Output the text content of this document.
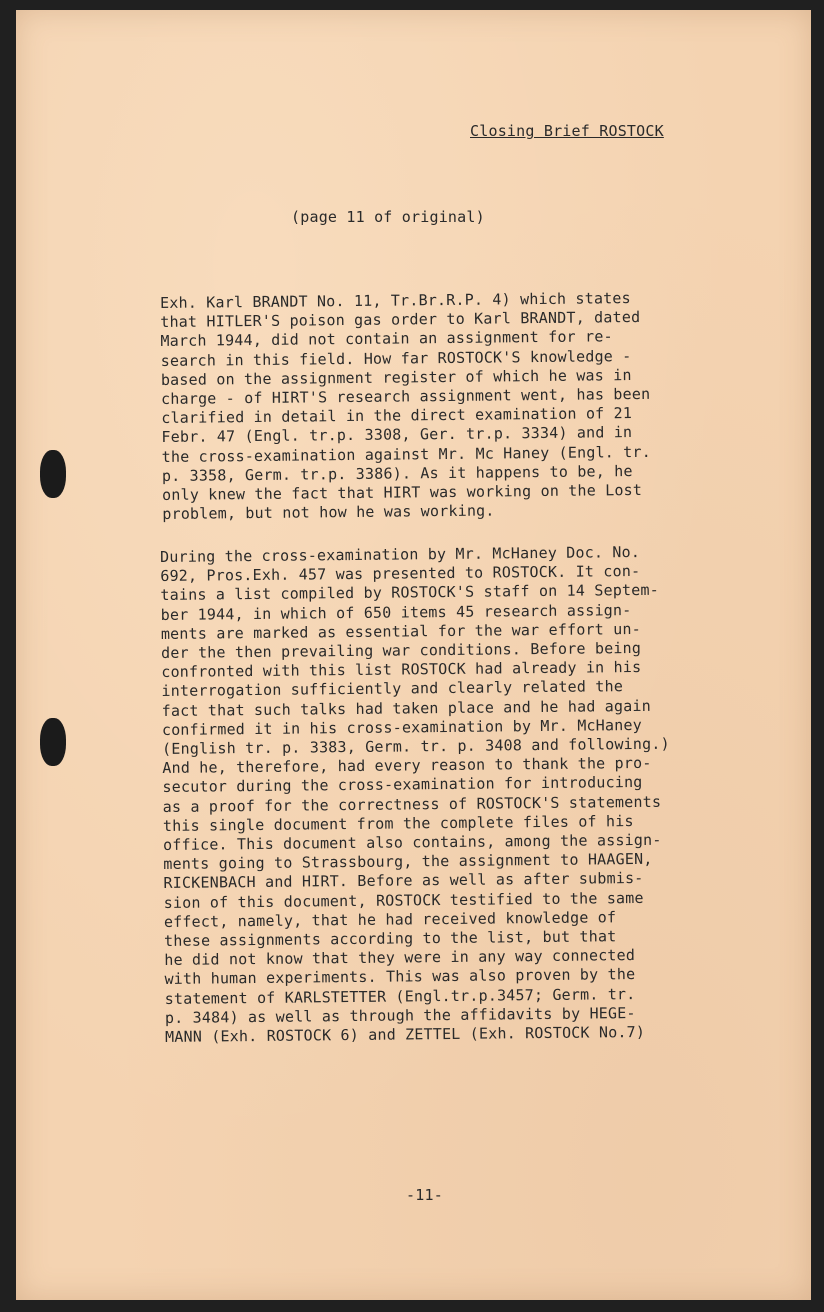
Closing Brief ROSTOCK

(page 11 of original)

Exh. Karl BRANDT No. 11, Tr.Br.R.P. 4) which states
that HITLER'S poison gas order to Karl BRANDT, dated
March 1944, did not contain an assignment for re-
search in this field. How far ROSTOCK'S knowledge -
based on the assignment register of which he was in
charge - of HIRT'S research assignment went, has been
clarified in detail in the direct examination of 21
Febr. 47 (Engl. tr.p. 3308, Ger. tr.p. 3334) and in
the cross-examination against Mr. Mc Haney (Engl. tr.
p. 3358, Germ. tr.p. 3386). As it happens to be, he
only knew the fact that HIRT was working on the Lost
problem, but not how he was working.

During the cross-examination by Mr. McHaney Doc. No.
692, Pros.Exh. 457 was presented to ROSTOCK. It con-
tains a list compiled by ROSTOCK'S staff on 14 Septem-
ber 1944, in which of 650 items 45 research assign-
ments are marked as essential for the war effort un-
der the then prevailing war conditions. Before being
confronted with this list ROSTOCK had already in his
interrogation sufficiently and clearly related the
fact that such talks had taken place and he had again
confirmed it in his cross-examination by Mr. McHaney
(English tr. p. 3383, Germ. tr. p. 3408 and following.)
And he, therefore, had every reason to thank the pro-
secutor during the cross-examination for introducing
as a proof for the correctness of ROSTOCK'S statements
this single document from the complete files of his
office. This document also contains, among the assign-
ments going to Strassbourg, the assignment to HAAGEN,
RICKENBACH and HIRT. Before as well as after submis-
sion of this document, ROSTOCK testified to the same
effect, namely, that he had received knowledge of
these assignments according to the list, but that
he did not know that they were in any way connected
with human experiments. This was also proven by the
statement of KARLSTETTER (Engl.tr.p.3457; Germ. tr.
p. 3484) as well as through the affidavits by HEGE-
MANN (Exh. ROSTOCK 6) and ZETTEL (Exh. ROSTOCK No.7)

-11-
